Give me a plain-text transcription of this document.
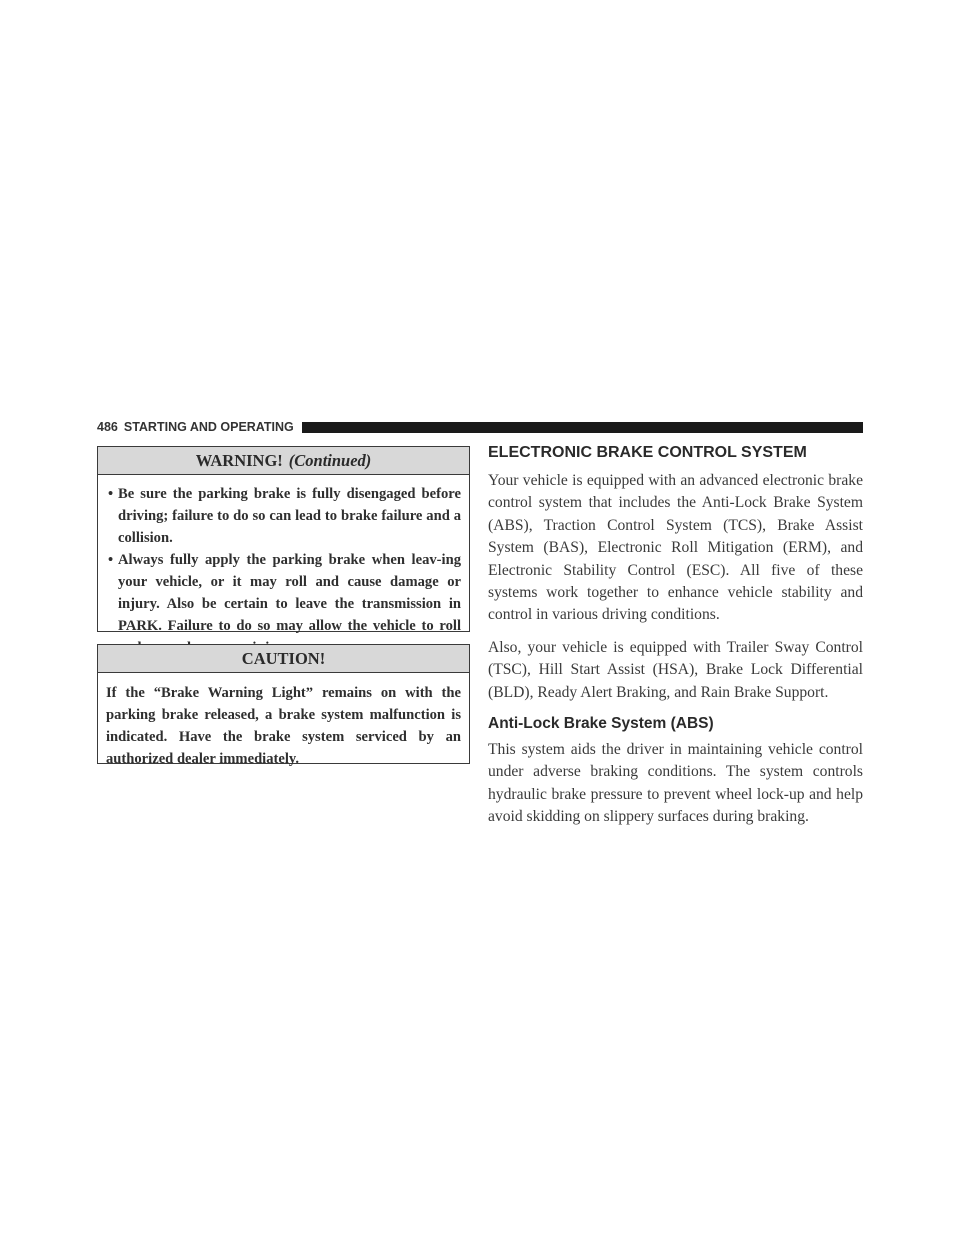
486 STARTING AND OPERATING
WARNING! (Continued)
• Be sure the parking brake is fully disengaged before driving; failure to do so can lead to brake failure and a collision.
• Always fully apply the parking brake when leav-ing your vehicle, or it may roll and cause damage or injury. Also be certain to leave the transmission in PARK. Failure to do so may allow the vehicle to roll
CAUTION!
If the “Brake Warning Light” remains on with the parking brake released, a brake system malfunction is indicated. Have the brake system serviced by an authorized dealer immediately.
ELECTRONIC BRAKE CONTROL SYSTEM

Your vehicle is equipped with an advanced electronic brake control system that includes the Anti-Lock Brake System (ABS), Traction Control System (TCS), Brake Assist System (BAS), Electronic Roll Mitigation (ERM), and Electronic Stability Control (ESC). All five of these systems work together to enhance vehicle stability and control in various driving conditions.

Also, your vehicle is equipped with Trailer Sway Control (TSC), Hill Start Assist (HSA), Brake Lock Differential (BLD), Ready Alert Braking, and Rain Brake Support.

Anti-Lock Brake System (ABS)

This system aids the driver in maintaining vehicle control under adverse braking conditions. The system controls hydraulic brake pressure to prevent wheel lock-up and help avoid skidding on slippery surfaces during braking.
